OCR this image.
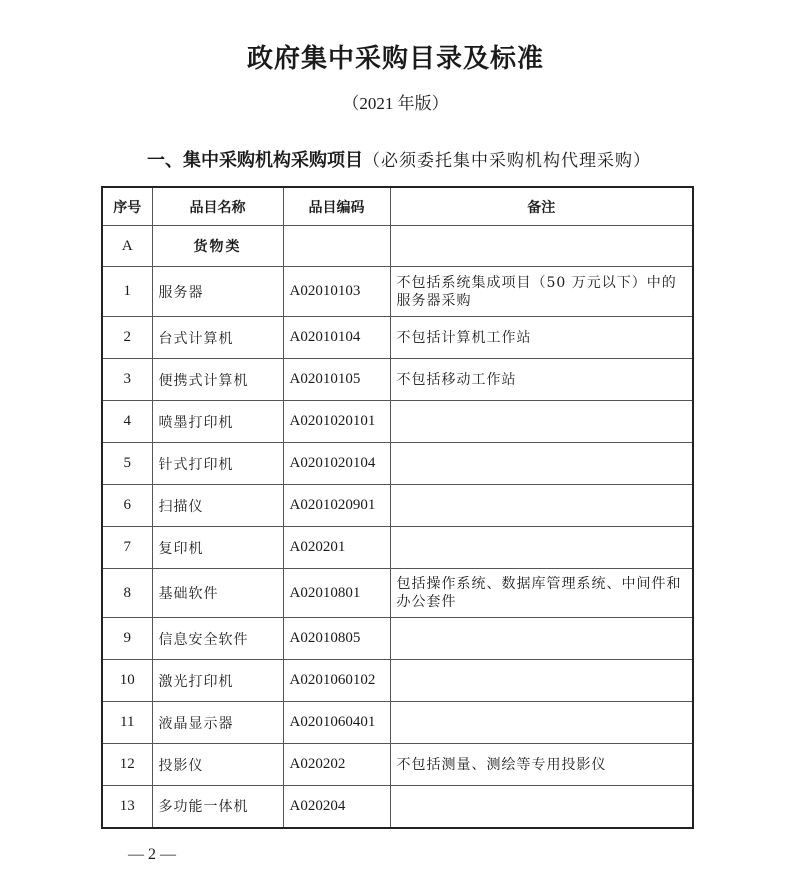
政府集中采购目录及标准
（2021 年版）
一、集中采购机构采购项目（必须委托集中采购机构代理采购）
序号	品目名称	品目编码	备注
A	货物类		
1	服务器	A02010103	不包括系统集成项目（50 万元以下）中的服务器采购
2	台式计算机	A02010104	不包括计算机工作站
3	便携式计算机	A02010105	不包括移动工作站
4	喷墨打印机	A0201020101	
5	针式打印机	A0201020104	
6	扫描仪	A0201020901	
7	复印机	A020201	
8	基础软件	A02010801	包括操作系统、数据库管理系统、中间件和办公套件
9	信息安全软件	A02010805	
10	激光打印机	A0201060102	
11	液晶显示器	A0201060401	
12	投影仪	A020202	不包括测量、测绘等专用投影仪
13	多功能一体机	A020204	
— 2 —
